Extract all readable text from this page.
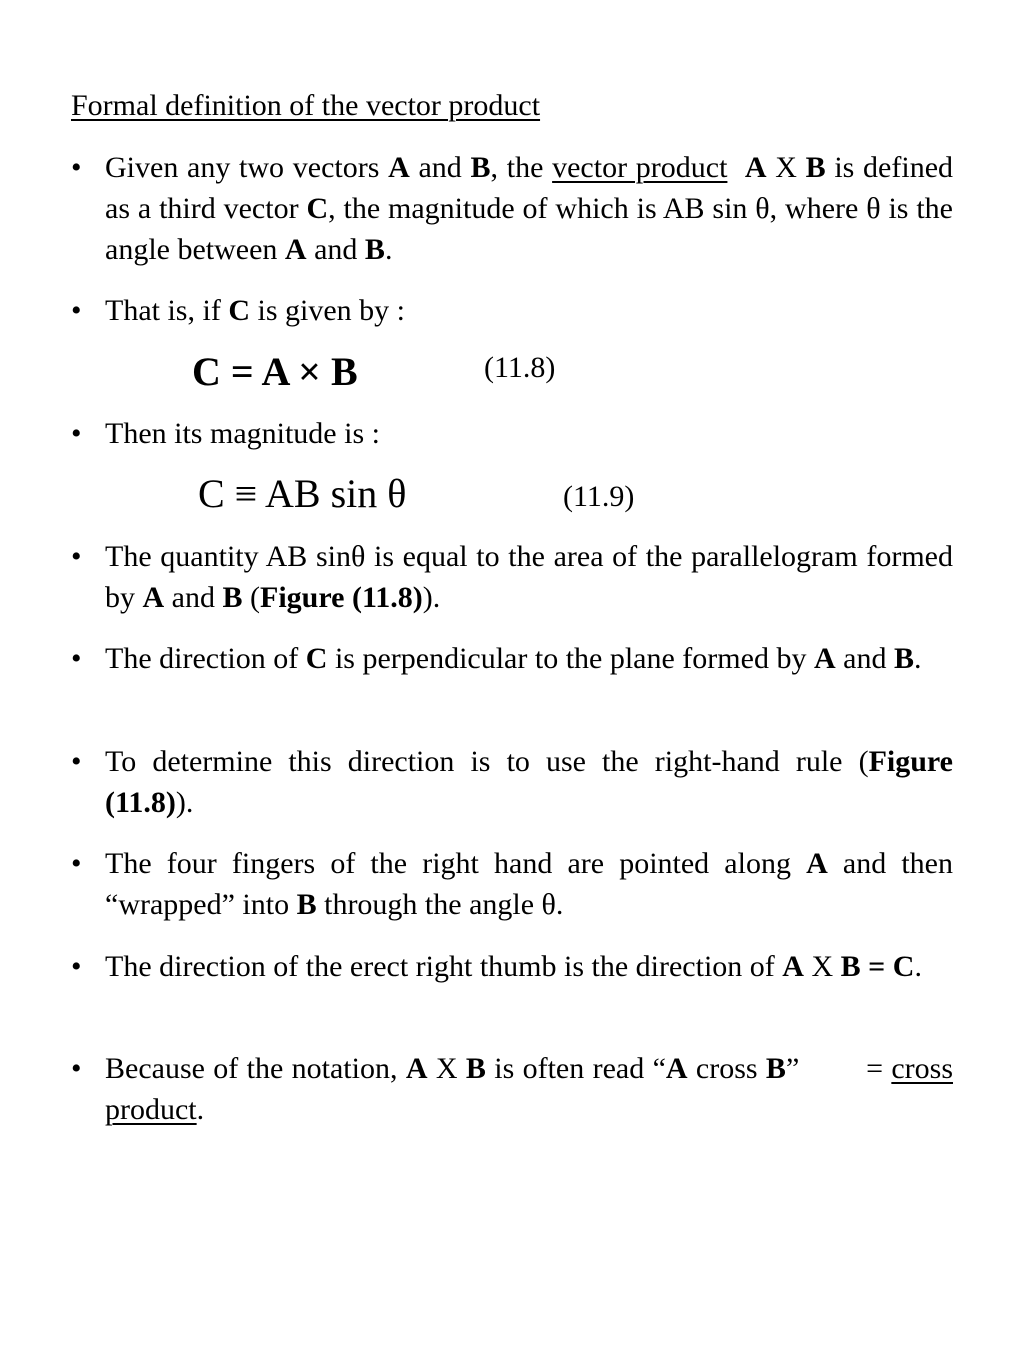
Formal definition of the vector product
• Given any two vectors A and B, the vector product A X B is defined as a third vector C, the magnitude of which is AB sin θ, where θ is the angle between A and B.
• That is, if C is given by :
C = A × B	(11.8)
• Then its magnitude is :
C ≡ AB sin θ	(11.9)
• The quantity AB sinθ is equal to the area of the parallelogram formed by A and B (Figure (11.8)).
• The direction of C is perpendicular to the plane formed by A and B.
• To determine this direction is to use the right-hand rule (Figure (11.8)).
• The four fingers of the right hand are pointed along A and then “wrapped” into B through the angle θ.
• The direction of the erect right thumb is the direction of A X B = C.
• Because of the notation, A X B is often read “A cross B”        = cross product.
